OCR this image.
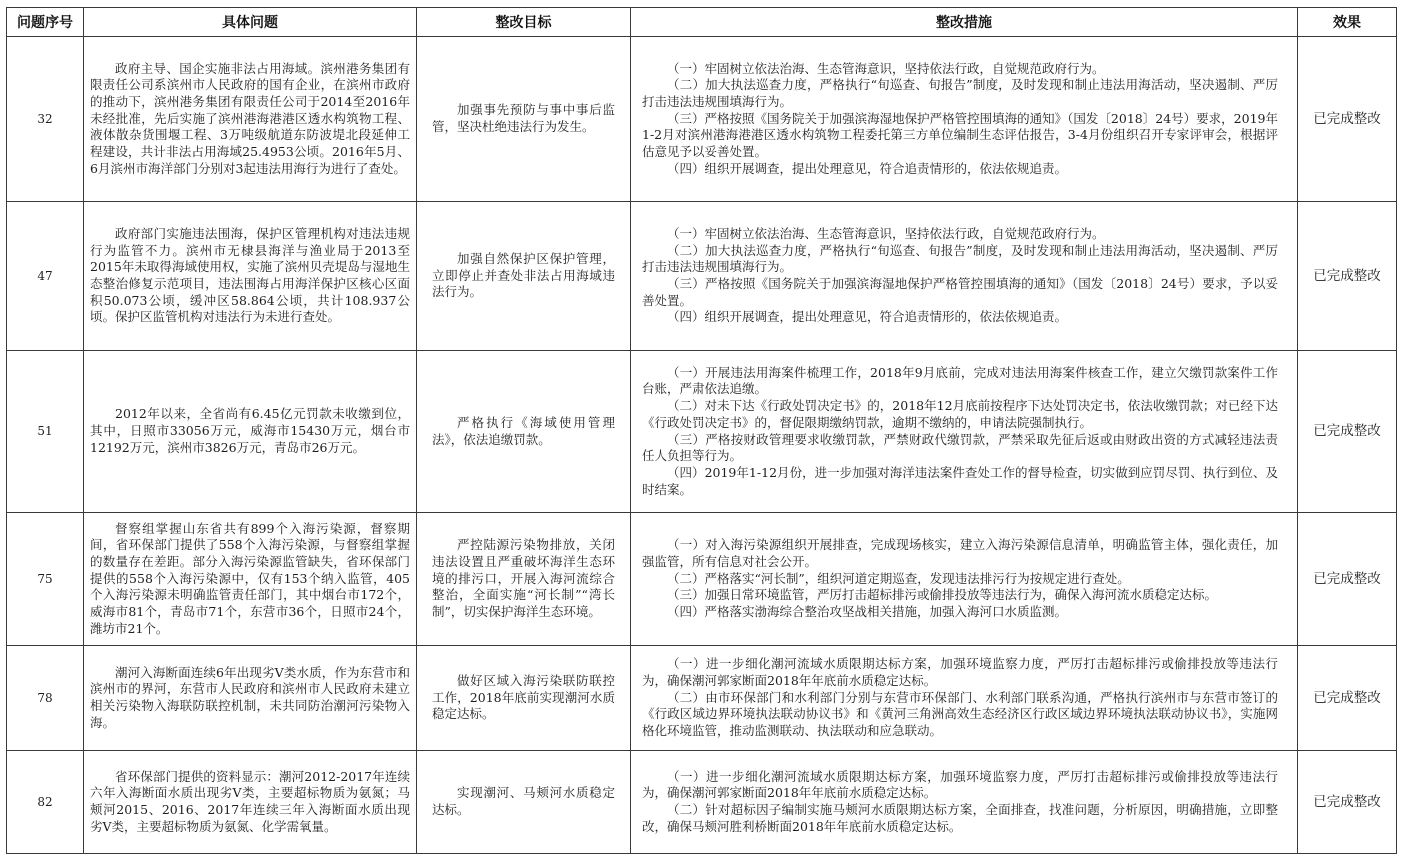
问题序号	具体问题	整改目标	整改措施	效果
32	政府主导、国企实施非法占用海域。滨州港务集团有限责任公司系滨州市人民政府的国有企业，在滨州市政府的推动下，滨州港务集团有限责任公司于2014至2016年未经批准，先后实施了滨州港海港港区透水构筑物工程、液体散杂货围堰工程、3万吨级航道东防波堤北段延伸工程建设，共计非法占用海域25.4953公顷。2016年5月、6月滨州市海洋部门分别对3起违法用海行为进行了查处。	加强事先预防与事中事后监管，坚决杜绝违法行为发生。	（一）牢固树立依法治海、生态管海意识，坚持依法行政，自觉规范政府行为。

（二）加大执法巡查力度，严格执行“旬巡查、旬报告”制度，及时发现和制止违法用海活动，坚决遏制、严厉打击违法违规围填海行为。

（三）严格按照《国务院关于加强滨海湿地保护严格管控围填海的通知》（国发〔2018〕24号）要求，2019年1-2月对滨州港海港港区透水构筑物工程委托第三方单位编制生态评估报告，3-4月份组织召开专家评审会，根据评估意见予以妥善处置。

（四）组织开展调查，提出处理意见，符合追责情形的，依法依规追责。	已完成整改
47	政府部门实施违法围海，保护区管理机构对违法违规行为监管不力。滨州市无棣县海洋与渔业局于2013至2015年未取得海域使用权，实施了滨州贝壳堤岛与湿地生态整治修复示范项目，违法围海占用海洋保护区核心区面积50.073公顷，缓冲区58.864公顷，共计108.937公顷。保护区监管机构对违法行为未进行查处。	加强自然保护区保护管理，立即停止并查处非法占用海域违法行为。	（一）牢固树立依法治海、生态管海意识，坚持依法行政，自觉规范政府行为。

（二）加大执法巡查力度，严格执行“旬巡查、旬报告”制度，及时发现和制止违法用海活动，坚决遏制、严厉打击违法违规围填海行为。

（三）严格按照《国务院关于加强滨海湿地保护严格管控围填海的通知》（国发〔2018〕24号）要求，予以妥善处置。

（四）组织开展调查，提出处理意见，符合追责情形的，依法依规追责。	已完成整改
51	2012年以来，全省尚有6.45亿元罚款未收缴到位，其中，日照市33056万元，威海市15430万元，烟台市12192万元，滨州市3826万元，青岛市26万元。	严格执行《海域使用管理法》，依法追缴罚款。	（一）开展违法用海案件梳理工作，2018年9月底前，完成对违法用海案件核查工作，建立欠缴罚款案件工作台账，严肃依法追缴。

（二）对未下达《行政处罚决定书》的，2018年12月底前按程序下达处罚决定书，依法收缴罚款；对已经下达《行政处罚决定书》的，督促限期缴纳罚款，逾期不缴纳的，申请法院强制执行。

（三）严格按财政管理要求收缴罚款，严禁财政代缴罚款，严禁采取先征后返或由财政出资的方式减轻违法责任人负担等行为。

（四）2019年1-12月份，进一步加强对海洋违法案件查处工作的督导检查，切实做到应罚尽罚、执行到位、及时结案。	已完成整改
75	督察组掌握山东省共有899个入海污染源，督察期间，省环保部门提供了558个入海污染源，与督察组掌握的数量存在差距。部分入海污染源监管缺失，省环保部门提供的558个入海污染源中，仅有153个纳入监管，405个入海污染源未明确监管责任部门，其中烟台市172个，威海市81个，青岛市71个，东营市36个，日照市24个，潍坊市21个。	严控陆源污染物排放，关闭违法设置且严重破坏海洋生态环境的排污口，开展入海河流综合整治，全面实施“河长制”“湾长制”，切实保护海洋生态环境。	（一）对入海污染源组织开展排查，完成现场核实，建立入海污染源信息清单，明确监管主体，强化责任，加强监管，所有信息对社会公开。

（二）严格落实“河长制”，组织河道定期巡查，发现违法排污行为按规定进行查处。

（三）加强日常环境监管，严厉打击超标排污或偷排投放等违法行为，确保入海河流水质稳定达标。

（四）严格落实渤海综合整治攻坚战相关措施，加强入海河口水质监测。	已完成整改
78	潮河入海断面连续6年出现劣Ⅴ类水质，作为东营市和滨州市的界河，东营市人民政府和滨州市人民政府未建立相关污染物入海联防联控机制，未共同防治潮河污染物入海。	做好区域入海污染联防联控工作，2018年底前实现潮河水质稳定达标。	（一）进一步细化潮河流域水质限期达标方案，加强环境监察力度，严厉打击超标排污或偷排投放等违法行为，确保潮河郭家断面2018年年底前水质稳定达标。

（二）由市环保部门和水利部门分别与东营市环保部门、水利部门联系沟通，严格执行滨州市与东营市签订的《行政区域边界环境执法联动协议书》和《黄河三角洲高效生态经济区行政区域边界环境执法联动协议书》，实施网格化环境监管，推动监测联动、执法联动和应急联动。	已完成整改
82	省环保部门提供的资料显示：潮河2012-2017年连续六年入海断面水质出现劣Ⅴ类，主要超标物质为氨氮；马颊河2015、2016、2017年连续三年入海断面水质出现劣Ⅴ类，主要超标物质为氨氮、化学需氧量。	实现潮河、马颊河水质稳定达标。	（一）进一步细化潮河流域水质限期达标方案，加强环境监察力度，严厉打击超标排污或偷排投放等违法行为，确保潮河郭家断面2018年年底前水质稳定达标。

（二）针对超标因子编制实施马颊河水质限期达标方案，全面排查，找准问题，分析原因，明确措施，立即整改，确保马颊河胜利桥断面2018年年底前水质稳定达标。	已完成整改
